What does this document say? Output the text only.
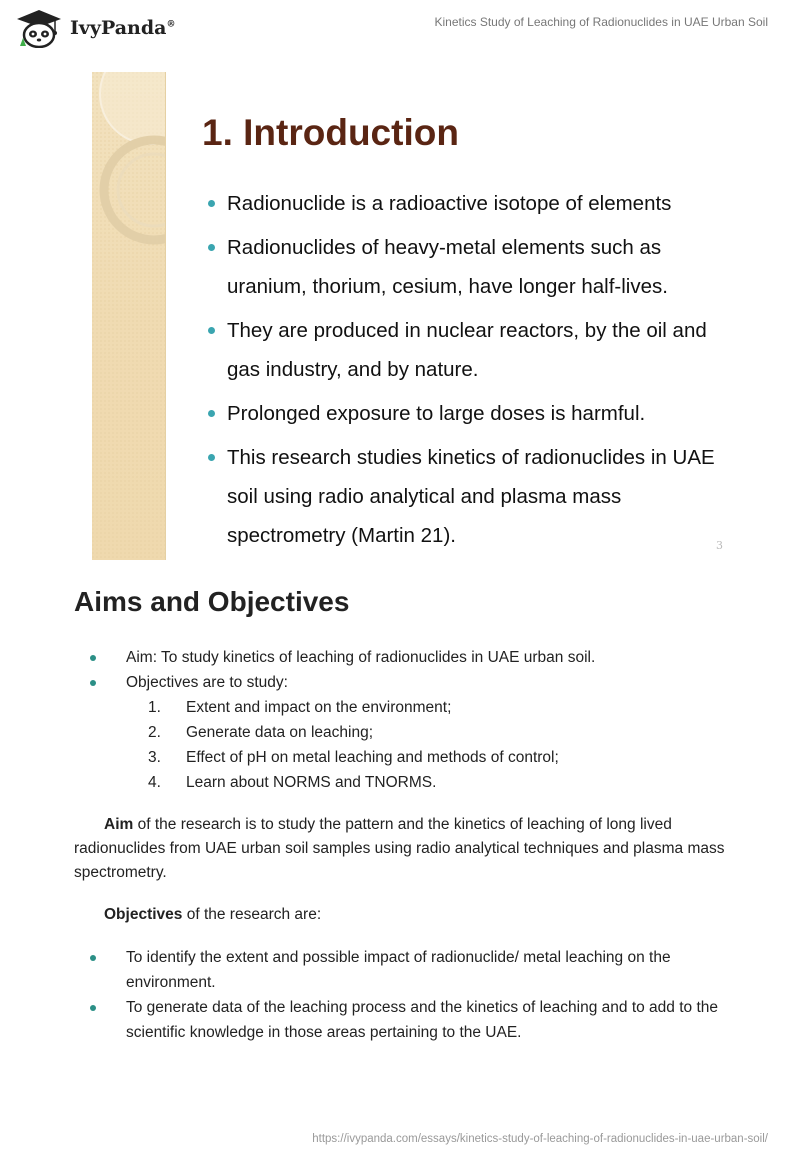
IvyPanda®	Kinetics Study of Leaching of Radionuclides in UAE Urban Soil
1. Introduction
Radionuclide is a radioactive isotope of elements
Radionuclides of heavy-metal elements such as uranium, thorium, cesium, have longer half-lives.
They are produced in nuclear reactors, by the oil and gas industry, and by nature.
Prolonged exposure to large doses is harmful.
This research studies kinetics of radionuclides in UAE soil using radio analytical and plasma mass spectrometry (Martin 21).	3
Aims and Objectives
Aim: To study kinetics of leaching of radionuclides in UAE urban soil.
Objectives are to study:
1. Extent and impact on the environment;
2. Generate data on leaching;
3. Effect of pH on metal leaching and methods of control;
4. Learn about NORMS and TNORMS.

Aim of the research is to study the pattern and the kinetics of leaching of long lived radionuclides from UAE urban soil samples using radio analytical techniques and plasma mass spectrometry.

Objectives of the research are:

To identify the extent and possible impact of radionuclide/ metal leaching on the environment.
To generate data of the leaching process and the kinetics of leaching and to add to the scientific knowledge in those areas pertaining to the UAE.
https://ivypanda.com/essays/kinetics-study-of-leaching-of-radionuclides-in-uae-urban-soil/
